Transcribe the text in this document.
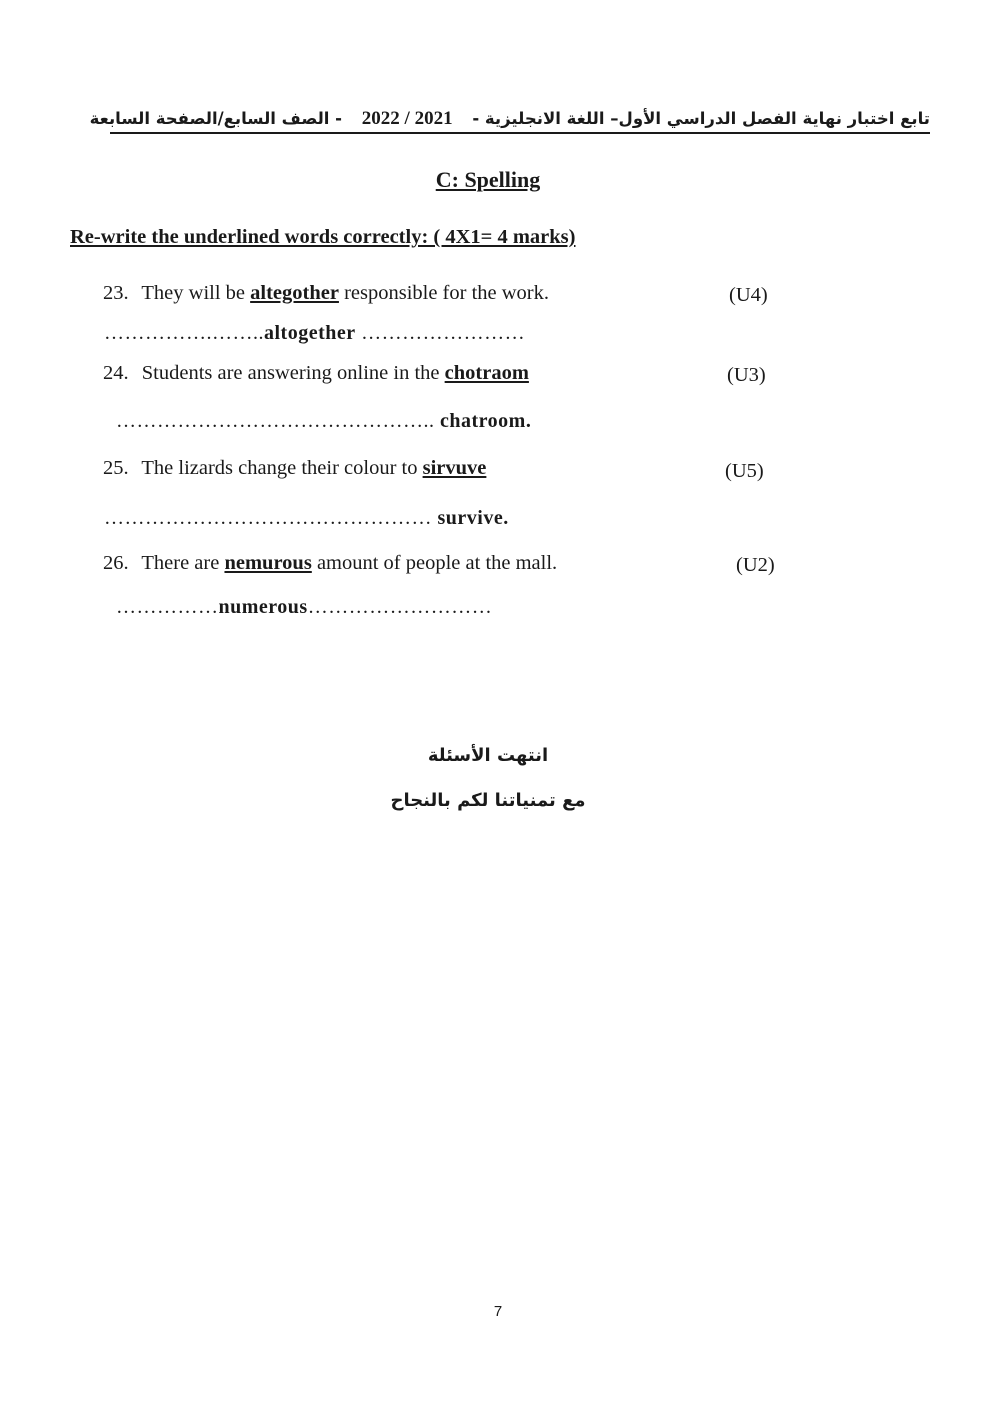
تابع اختبار نهاية الفصل الدراسي الأول– اللغة الانجليزية - 2022 / 2021 - الصف السابع/الصفحة السابعة
C: Spelling
Re-write the underlined words correctly: ( 4X1= 4 marks)
23. They will be altegother responsible for the work.	(U4)
…………….……..altogether ……………………
24. Students are answering online in the chotraom	(U3)
……………………………………….. chatroom.
25. The lizards change their colour to sirvuve	(U5)
………………………………………… survive.
26. There are nemurous amount of people at the mall.	(U2)
……………numerous………………………
انتهت الأسئلة
مع تمنياتنا لكم بالنجاح
7
